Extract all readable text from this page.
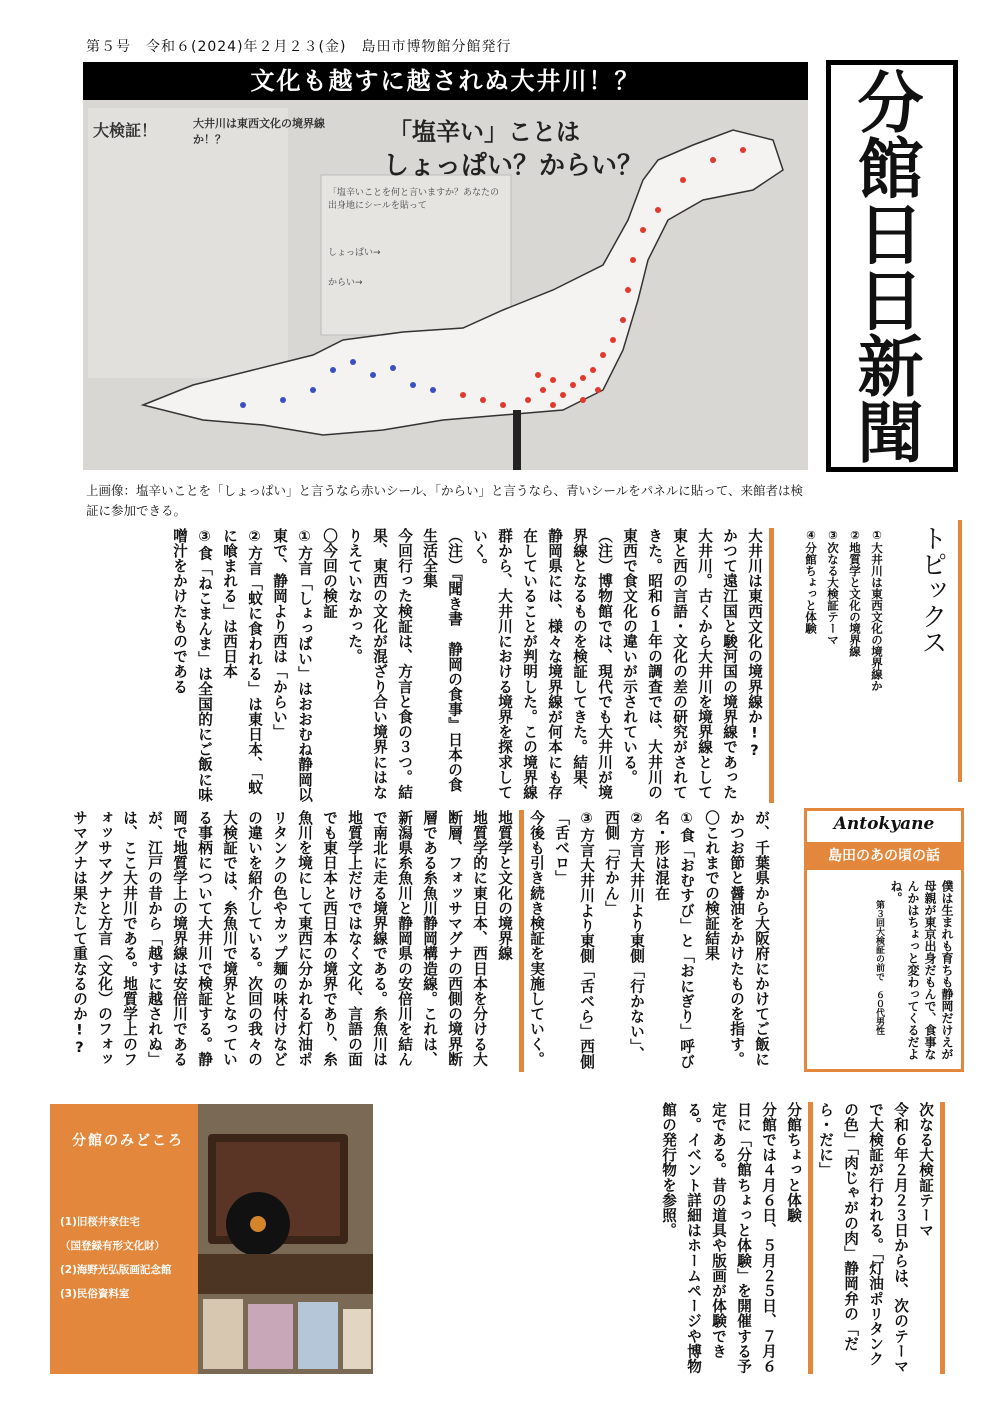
第５号　令和６(2024)年２月２３(金)　島田市博物館分館発行
文化も越すに越されぬ大井川！？
大検証！	大井川は東西文化の境界線か！？	「塩辛い」ことは
しょっぱい？からい？
「塩辛いことを何と言いますか？あなたの出身地にシールを貼って
しょっぱい→
からい→	分館日日新聞
上画像：塩辛いことを「しょっぱい」と言うなら赤いシール、「からい」と言うなら、青いシールをパネルに貼って、来館者は検証に参加できる。
トピックス
①大井川は東西文化の境界線か
②地質学と文化の境界線
③次なる大検証テーマ
④分館ちょっと体験

大井川は東西文化の境界線か!?

かつて遠江国と駿河国の境界線であった大井川。古くから大井川を境界線として東と西の言語・文化の差の研究がされてきた。昭和６１年の調査では、大井川の東西で食文化の違いが示されている。（注）博物館では、現代でも大井川が境界線となるものを検証してきた。結果、静岡県には、様々な境界線が何本にも存在していることが判明した。この境界線群から、大井川における境界を探求していく。

（注）『聞き書　静岡の食事』日本の食生活全集

今回行った検証は、方言と食の３つ。結果、東西の文化が混ざり合い境界にはなりえていなかった。

〇今回の検証

①方言「しょっぱい」はおおむね静岡以東で、静岡より西は「からい」

②方言「蚊に食われる」は東日本、「蚊に喰まれる」は西日本

③食「ねこまんま」は全国的にご飯に味噌汁をかけたものである

が、千葉県から大阪府にかけてご飯にかつお節と醤油をかけたものを指す。

〇これまでの検証結果

①食「おむすび」と「おにぎり」呼び名・形は混在

②方言大井川より東側「行かない」、西側「行かん」

③方言大井川より東側「舌べら」西側「舌べロ」

今後も引き続き検証を実施していく。

地質学と文化の境界線

地質学的に東日本、西日本を分ける大断層、フォッサマグナの西側の境界断層である糸魚川静岡構造線。これは、新潟県糸魚川と静岡県の安倍川を結んで南北に走る境界線である。糸魚川は地質学上だけではなく文化、言語の面でも東日本と西日本の境界であり、糸魚川を境にして東西に分かれる灯油ポリタンクの色やカップ麺の味付けなどの違いを紹介している。次回の我々の大検証では、糸魚川で境界となっている事柄について大井川で検証する。静岡で地質学上の境界線は安倍川であるが、江戸の昔から「越すに越されぬ」は、ここ大井川である。地質学上のフォッサマグナと方言（文化）のフォッサマグナは果たして重なるのか!?	Antokyane
島田のあの頃の話
僕は生まれも育ちも静岡だけえが母親が東京出身だもんで、食事なんかはちょっと変わってくるだよね。
第３回大検証の前で　６０代男性

次なる大検証テーマ

令和６年２月２３日からは、次のテーマで大検証が行われる。「灯油ポリタンクの色」「肉じゃがの肉」静岡弁の「だら・だに」

分館ちょっと体験

分館では４月６日、５月２５日、７月６日に「分館ちょっと体験」を開催する予定である。昔の道具や版画が体験できる。イベント詳細はホームページや博物館の発行物を参照。

分館のみどころ
(1)旧桜井家住宅
（国登録有形文化財）
(2)海野光弘版画記念館
(3)民俗資料室
